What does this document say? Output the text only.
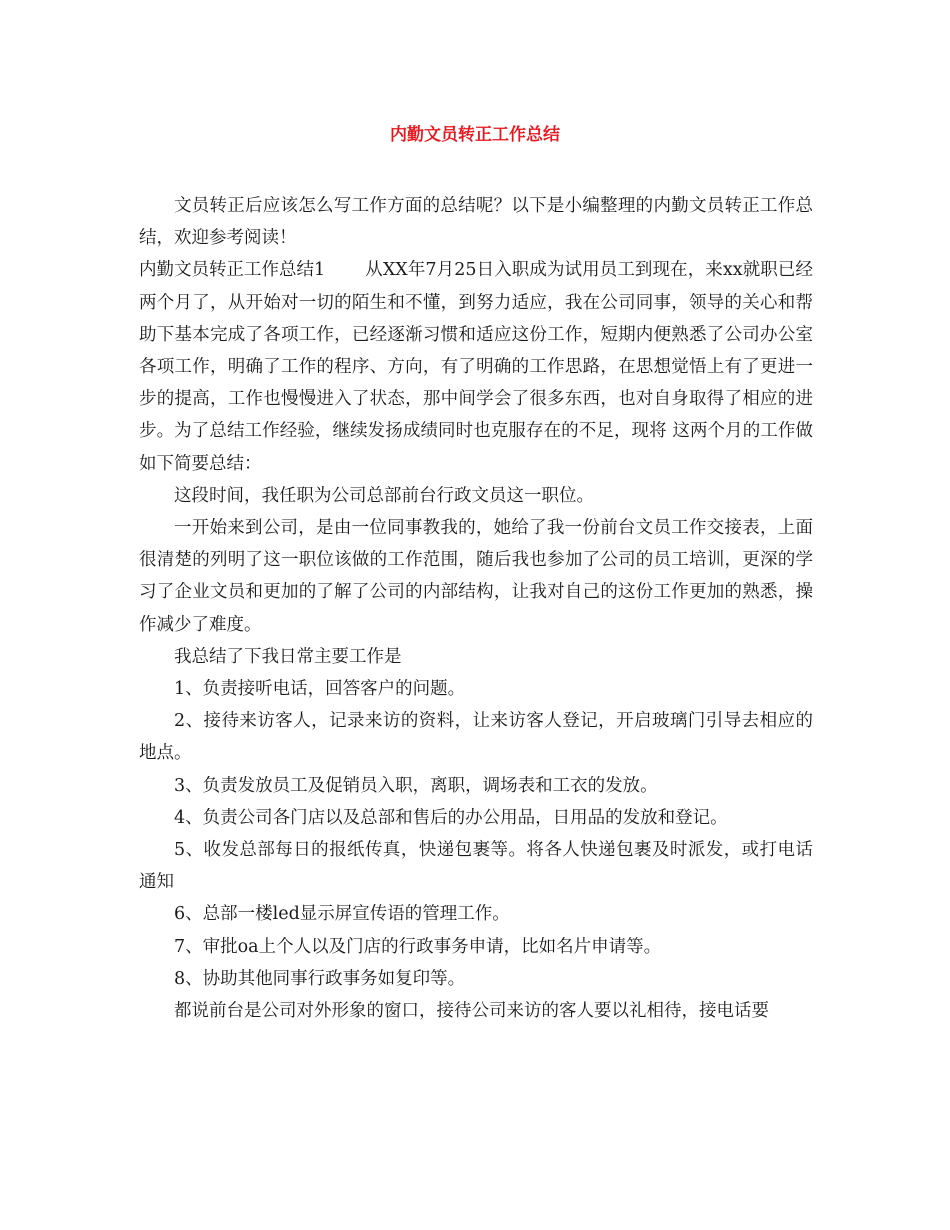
内勤文员转正工作总结

文员转正后应该怎么写工作方面的总结呢？以下是小编整理的内勤文员转正工作总结，欢迎参考阅读！

内勤文员转正工作总结1 从XX年7月25日入职成为试用员工到现在，来xx就职已经两个月了，从开始对一切的陌生和不懂，到努力适应，我在公司同事，领导的关心和帮助下基本完成了各项工作，已经逐渐习惯和适应这份工作，短期内便熟悉了公司办公室各项工作，明确了工作的程序、方向，有了明确的工作思路，在思想觉悟上有了更进一步的提高，工作也慢慢进入了状态，那中间学会了很多东西，也对自身取得了相应的进步。为了总结工作经验，继续发扬成绩同时也克服存在的不足，现将 这两个月的工作做如下简要总结：

这段时间，我任职为公司总部前台行政文员这一职位。

一开始来到公司，是由一位同事教我的，她给了我一份前台文员工作交接表，上面很清楚的列明了这一职位该做的工作范围，随后我也参加了公司的员工培训，更深的学习了企业文员和更加的了解了公司的内部结构，让我对自己的这份工作更加的熟悉，操作减少了难度。

我总结了下我日常主要工作是

1、负责接听电话，回答客户的问题。

2、接待来访客人，记录来访的资料，让来访客人登记，开启玻璃门引导去相应的地点。

3、负责发放员工及促销员入职，离职，调场表和工衣的发放。

4、负责公司各门店以及总部和售后的办公用品，日用品的发放和登记。

5、收发总部每日的报纸传真，快递包裹等。将各人快递包裹及时派发，或打电话通知

6、总部一楼led显示屏宣传语的管理工作。

7、审批oa上个人以及门店的行政事务申请，比如名片申请等。

8、协助其他同事行政事务如复印等。

都说前台是公司对外形象的窗口，接待公司来访的客人要以礼相待，接电话要
